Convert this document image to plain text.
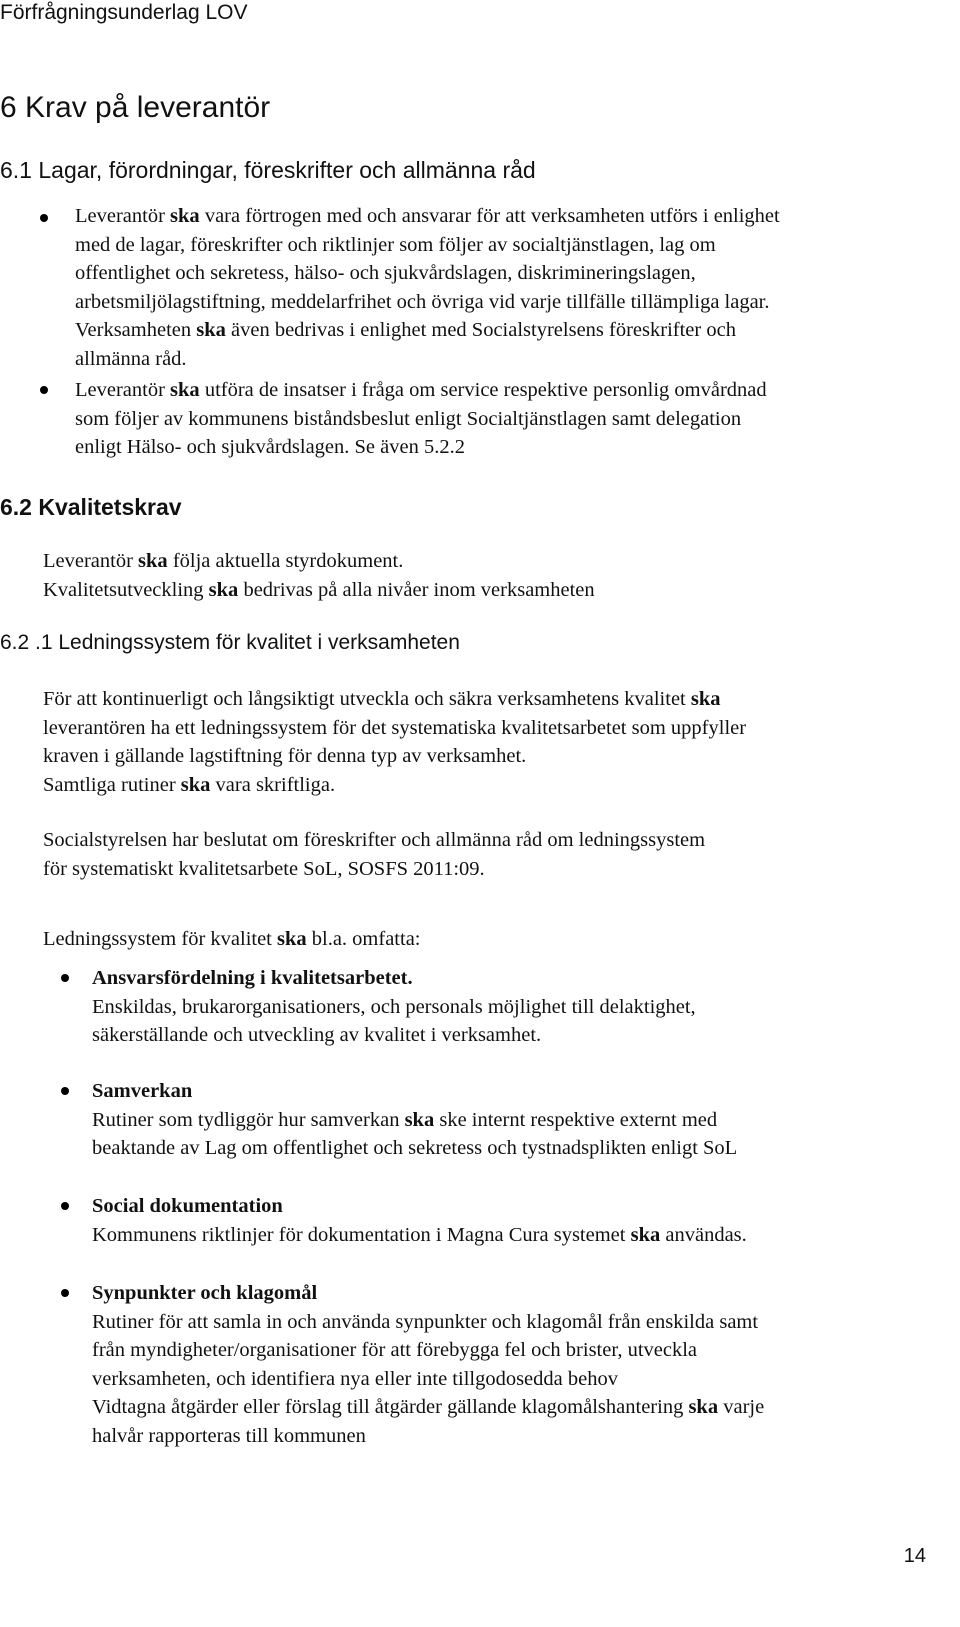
Förfrågningsunderlag LOV
6 Krav på leverantör
6.1 Lagar, förordningar, föreskrifter och allmänna råd

Leverantör ska vara förtrogen med och ansvarar för att verksamheten utförs i enlighet

med de lagar, föreskrifter och riktlinjer som följer av socialtjänstlagen, lag om

offentlighet och sekretess, hälso- och sjukvårdslagen, diskrimineringslagen,

arbetsmiljölagstiftning, meddelarfrihet och övriga vid varje tillfälle tillämpliga lagar.

Verksamheten ska även bedrivas i enlighet med Socialstyrelsens föreskrifter och

allmänna råd.

Leverantör ska utföra de insatser i fråga om service respektive personlig omvårdnad

som följer av kommunens biståndsbeslut enligt Socialtjänstlagen samt delegation

enligt Hälso- och sjukvårdslagen. Se även 5.2.2

6.2 Kvalitetskrav

Leverantör ska följa aktuella styrdokument.

Kvalitetsutveckling ska bedrivas på alla nivåer inom verksamheten

6.2 .1 Ledningssystem för kvalitet i verksamheten

För att kontinuerligt och långsiktigt utveckla och säkra verksamhetens kvalitet ska

leverantören ha ett ledningssystem för det systematiska kvalitetsarbetet som uppfyller

kraven i gällande lagstiftning för denna typ av verksamhet.

Samtliga rutiner ska vara skriftliga.

Socialstyrelsen har beslutat om föreskrifter och allmänna råd om ledningssystem

för systematiskt kvalitetsarbete SoL, SOSFS 2011:09.

Ledningssystem för kvalitet ska bl.a. omfatta:

Ansvarsfördelning i kvalitetsarbetet.

Enskildas, brukarorganisationers, och personals möjlighet till delaktighet,

säkerställande och utveckling av kvalitet i verksamhet.

Samverkan

Rutiner som tydliggör hur samverkan ska ske internt respektive externt med

beaktande av Lag om offentlighet och sekretess och tystnadsplikten enligt SoL

Social dokumentation

Kommunens riktlinjer för dokumentation i Magna Cura systemet ska användas.

Synpunkter och klagomål

Rutiner för att samla in och använda synpunkter och klagomål från enskilda samt

från myndigheter/organisationer för att förebygga fel och brister, utveckla

verksamheten, och identifiera nya eller inte tillgodosedda behov

Vidtagna åtgärder eller förslag till åtgärder gällande klagomålshantering ska varje

halvår rapporteras till kommunen

14
